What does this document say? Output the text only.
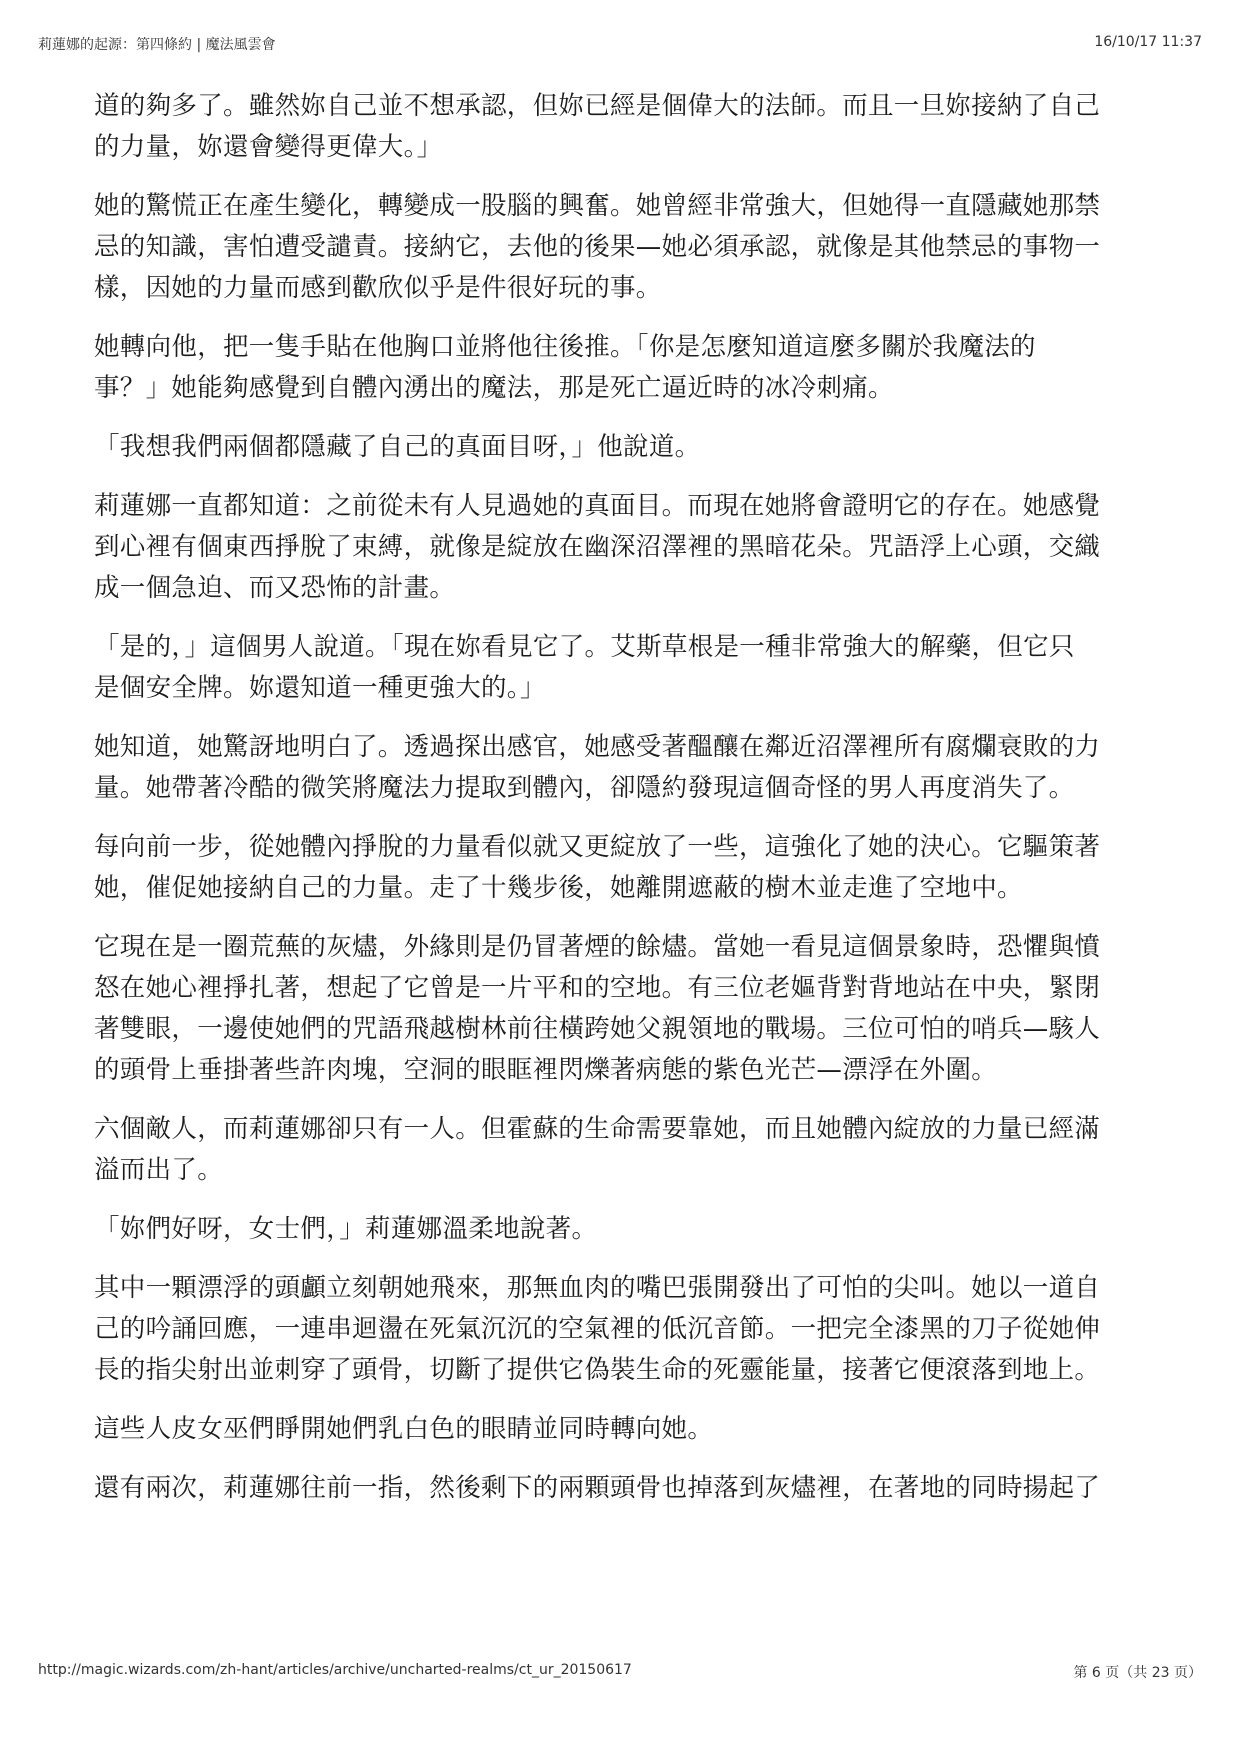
莉蓮娜的起源：第四條約 | 魔法風雲會	16/10/17 11:37

道的夠多了。雖然妳自己並不想承認，但妳已經是個偉大的法師。而且一旦妳接納了自己
的力量，妳還會變得更偉大。」

她的驚慌正在產生變化，轉變成一股腦的興奮。她曾經非常強大，但她得一直隱藏她那禁
忌的知識，害怕遭受譴責。接納它，去他的後果—她必須承認，就像是其他禁忌的事物一
樣，因她的力量而感到歡欣似乎是件很好玩的事。

她轉向他，把一隻手貼在他胸口並將他往後推。「你是怎麼知道這麼多關於我魔法的
事？」她能夠感覺到自體內湧出的魔法，那是死亡逼近時的冰冷刺痛。

「我想我們兩個都隱藏了自己的真面目呀，」他說道。

莉蓮娜一直都知道：之前從未有人見過她的真面目。而現在她將會證明它的存在。她感覺
到心裡有個東西掙脫了束縛，就像是綻放在幽深沼澤裡的黑暗花朵。咒語浮上心頭，交織
成一個急迫、而又恐怖的計畫。

「是的，」這個男人說道。「現在妳看見它了。艾斯草根是一種非常強大的解藥，但它只
是個安全牌。妳還知道一種更強大的。」

她知道，她驚訝地明白了。透過探出感官，她感受著醞釀在鄰近沼澤裡所有腐爛衰敗的力
量。她帶著冷酷的微笑將魔法力提取到體內，卻隱約發現這個奇怪的男人再度消失了。

每向前一步，從她體內掙脫的力量看似就又更綻放了一些，這強化了她的決心。它驅策著
她，催促她接納自己的力量。走了十幾步後，她離開遮蔽的樹木並走進了空地中。

它現在是一圈荒蕪的灰燼，外緣則是仍冒著煙的餘燼。當她一看見這個景象時，恐懼與憤
怒在她心裡掙扎著，想起了它曾是一片平和的空地。有三位老嫗背對背地站在中央，緊閉
著雙眼，一邊使她們的咒語飛越樹林前往橫跨她父親領地的戰場。三位可怕的哨兵—駭人
的頭骨上垂掛著些許肉塊，空洞的眼眶裡閃爍著病態的紫色光芒—漂浮在外圍。

六個敵人，而莉蓮娜卻只有一人。但霍蘇的生命需要靠她，而且她體內綻放的力量已經滿
溢而出了。

「妳們好呀，女士們，」莉蓮娜溫柔地說著。

其中一顆漂浮的頭顱立刻朝她飛來，那無血肉的嘴巴張開發出了可怕的尖叫。她以一道自
己的吟誦回應，一連串迴盪在死氣沉沉的空氣裡的低沉音節。一把完全漆黑的刀子從她伸
長的指尖射出並刺穿了頭骨，切斷了提供它偽裝生命的死靈能量，接著它便滾落到地上。

這些人皮女巫們睜開她們乳白色的眼睛並同時轉向她。

還有兩次，莉蓮娜往前一指，然後剩下的兩顆頭骨也掉落到灰燼裡，在著地的同時揚起了

http://magic.wizards.com/zh-hant/articles/archive/uncharted-realms/ct_ur_20150617	第 6 页（共 23 页）
